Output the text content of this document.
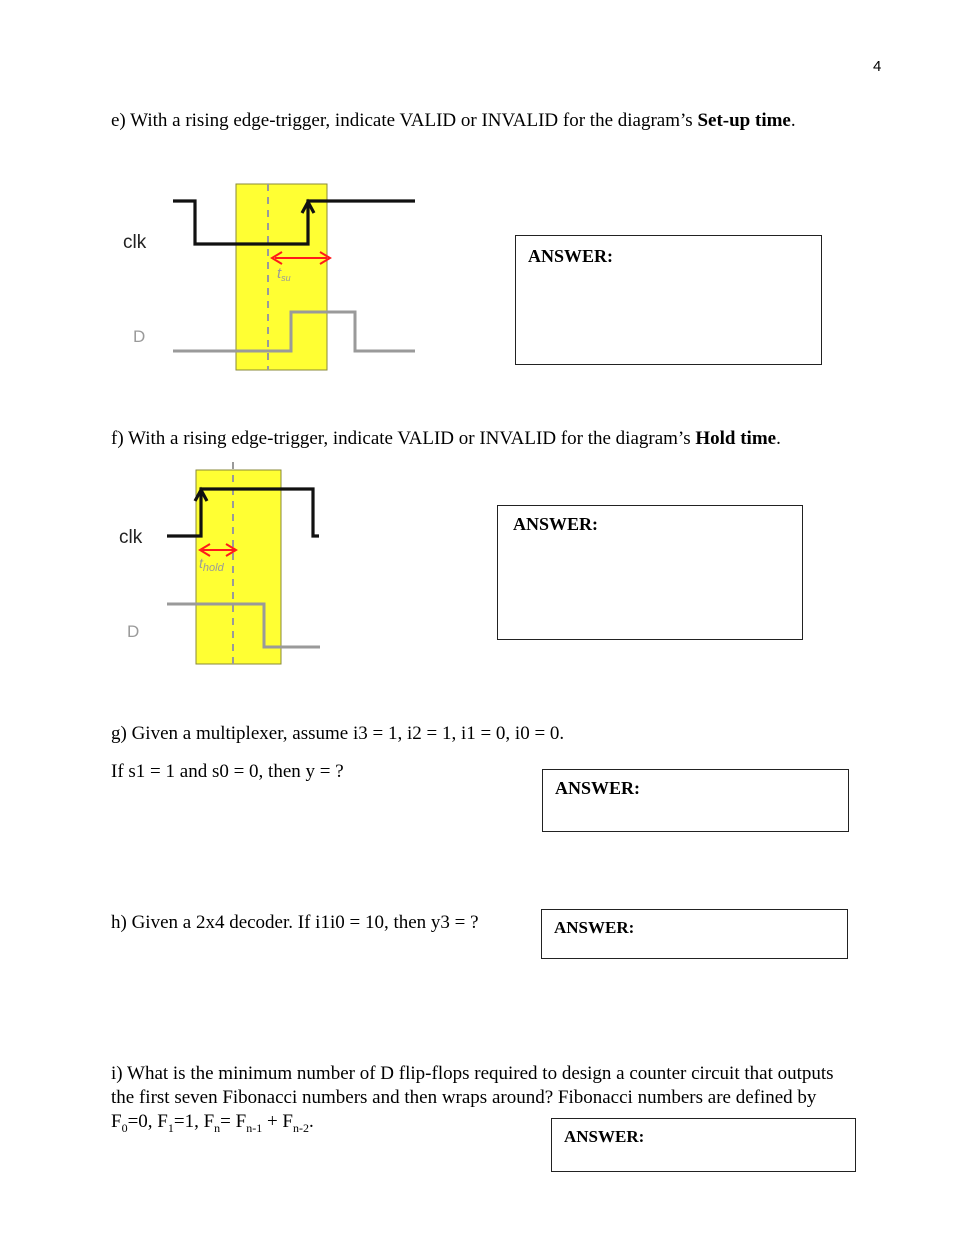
4
e) With a rising edge-trigger, indicate VALID or INVALID for the diagram’s Set-up time.
clk
D
$t_{su}$
ANSWER:
f) With a rising edge-trigger, indicate VALID or INVALID for the diagram’s Hold time.
clk
D
$t_{hold}$
ANSWER:
g) Given a multiplexer, assume i3 = 1, i2 = 1, i1 = 0, i0 = 0.
If s1 = 1 and s0 = 0, then y = ?
ANSWER:
h) Given a 2x4 decoder. If i1i0 = 10, then y3 = ?	ANSWER:
i) What is the minimum number of D flip-flops required to design a counter circuit that outputs
the first seven Fibonacci numbers and then wraps around? Fibonacci numbers are defined by
$F_0=0$, $F_1=1$, $F_n= F_{n-1} + F_{n-2}$.
ANSWER:
